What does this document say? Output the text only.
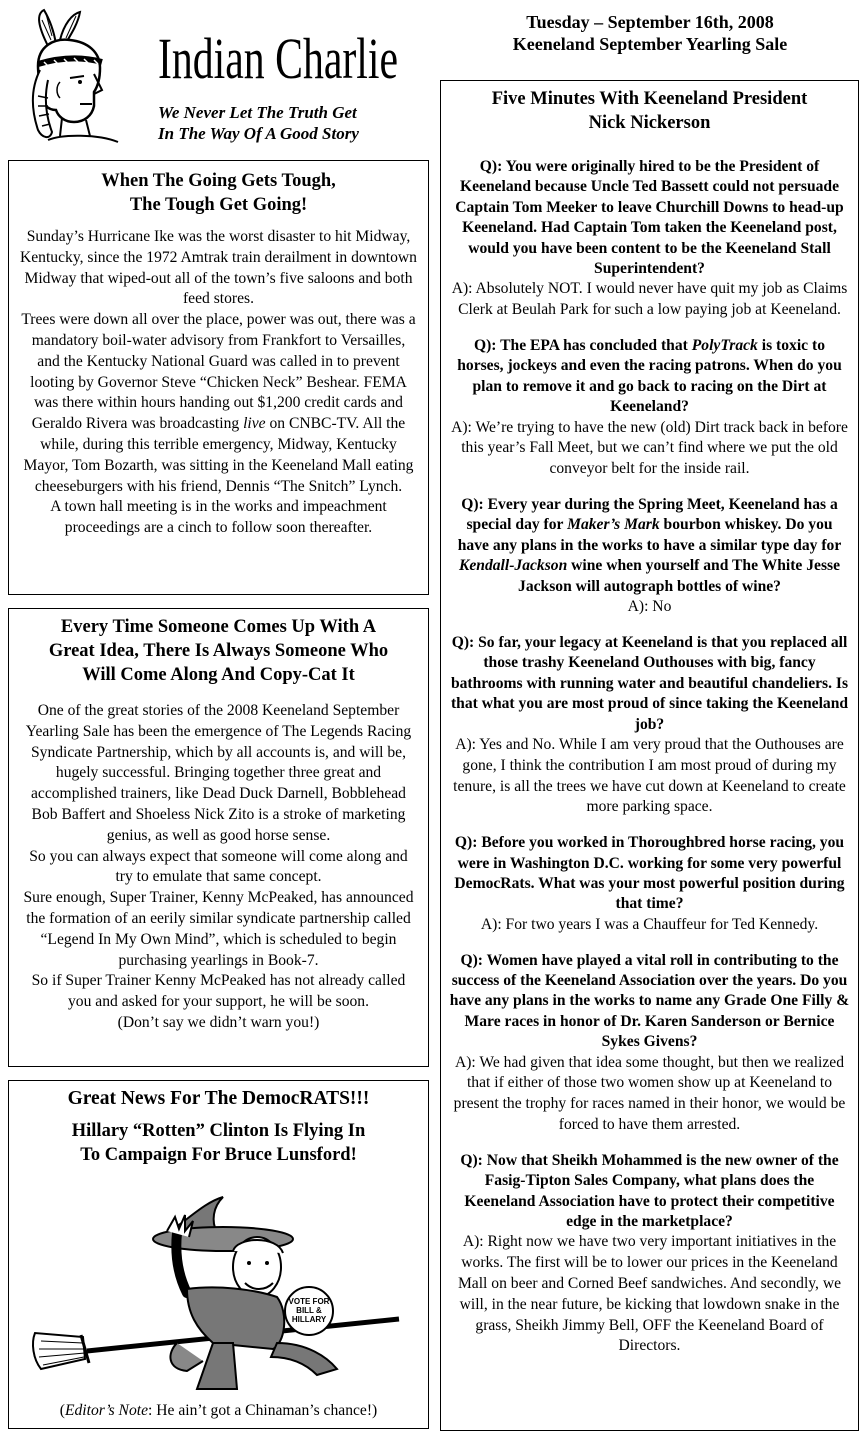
Indian Charlie
We Never Let The Truth Get
In The Way Of A Good Story
Tuesday – September 16th, 2008
Keeneland September Yearling Sale
When The Going Gets Tough,
The Tough Get Going!
Sunday’s Hurricane Ike was the worst disaster to hit Midway, Kentucky, since the 1972 Amtrak train derailment in downtown Midway that wiped-out all of the town’s five saloons and both feed stores.
Trees were down all over the place, power was out, there was a mandatory boil-water advisory from Frankfort to Versailles, and the Kentucky National Guard was called in to prevent looting by Governor Steve “Chicken Neck” Beshear. FEMA was there within hours handing out $1,200 credit cards and Geraldo Rivera was broadcasting live on CNBC-TV. All the while, during this terrible emergency, Midway, Kentucky Mayor, Tom Bozarth, was sitting in the Keeneland Mall eating cheeseburgers with his friend, Dennis “The Snitch” Lynch.
A town hall meeting is in the works and impeachment proceedings are a cinch to follow soon thereafter.
Every Time Someone Comes Up With A
Great Idea, There Is Always Someone Who
Will Come Along And Copy-Cat It
One of the great stories of the 2008 Keeneland September Yearling Sale has been the emergence of The Legends Racing Syndicate Partnership, which by all accounts is, and will be, hugely successful. Bringing together three great and accomplished trainers, like Dead Duck Darnell, Bobblehead Bob Baffert and Shoeless Nick Zito is a stroke of marketing genius, as well as good horse sense.
So you can always expect that someone will come along and try to emulate that same concept.
Sure enough, Super Trainer, Kenny McPeaked, has announced the formation of an eerily similar syndicate partnership called “Legend In My Own Mind”, which is scheduled to begin purchasing yearlings in Book-7.
So if Super Trainer Kenny McPeaked has not already called you and asked for your support, he will be soon.
(Don’t say we didn’t warn you!)
Great News For The DemocRATS!!!
Hillary “Rotten” Clinton Is Flying In
To Campaign For Bruce Lunsford!
VOTE FOR
BILL &
HILLARY
(Editor’s Note: He ain’t got a Chinaman’s chance!)
Five Minutes With Keeneland President
Nick Nickerson
Q): You were originally hired to be the President of Keeneland because Uncle Ted Bassett could not persuade Captain Tom Meeker to leave Churchill Downs to head-up Keeneland. Had Captain Tom taken the Keeneland post, would you have been content to be the Keeneland Stall Superintendent?
A): Absolutely NOT. I would never have quit my job as Claims Clerk at Beulah Park for such a low paying job at Keeneland.
Q): The EPA has concluded that PolyTrack is toxic to horses, jockeys and even the racing patrons. When do you plan to remove it and go back to racing on the Dirt at Keeneland?
A): We’re trying to have the new (old) Dirt track back in before this year’s Fall Meet, but we can’t find where we put the old conveyor belt for the inside rail.
Q): Every year during the Spring Meet, Keeneland has a special day for Maker’s Mark bourbon whiskey. Do you have any plans in the works to have a similar type day for Kendall-Jackson wine when yourself and The White Jesse Jackson will autograph bottles of wine?
A): No
Q): So far, your legacy at Keeneland is that you replaced all those trashy Keeneland Outhouses with big, fancy bathrooms with running water and beautiful chandeliers. Is that what you are most proud of since taking the Keeneland job?
A): Yes and No. While I am very proud that the Outhouses are gone, I think the contribution I am most proud of during my tenure, is all the trees we have cut down at Keeneland to create more parking space.
Q): Before you worked in Thoroughbred horse racing, you were in Washington D.C. working for some very powerful DemocRats. What was your most powerful position during that time?
A): For two years I was a Chauffeur for Ted Kennedy.
Q): Women have played a vital roll in contributing to the success of the Keeneland Association over the years. Do you have any plans in the works to name any Grade One Filly & Mare races in honor of Dr. Karen Sanderson or Bernice Sykes Givens?
A): We had given that idea some thought, but then we realized that if either of those two women show up at Keeneland to present the trophy for races named in their honor, we would be forced to have them arrested.
Q): Now that Sheikh Mohammed is the new owner of the Fasig-Tipton Sales Company, what plans does the Keeneland Association have to protect their competitive edge in the marketplace?
A): Right now we have two very important initiatives in the works. The first will be to lower our prices in the Keeneland Mall on beer and Corned Beef sandwiches. And secondly, we will, in the near future, be kicking that lowdown snake in the grass, Sheikh Jimmy Bell, OFF the Keeneland Board of Directors.
